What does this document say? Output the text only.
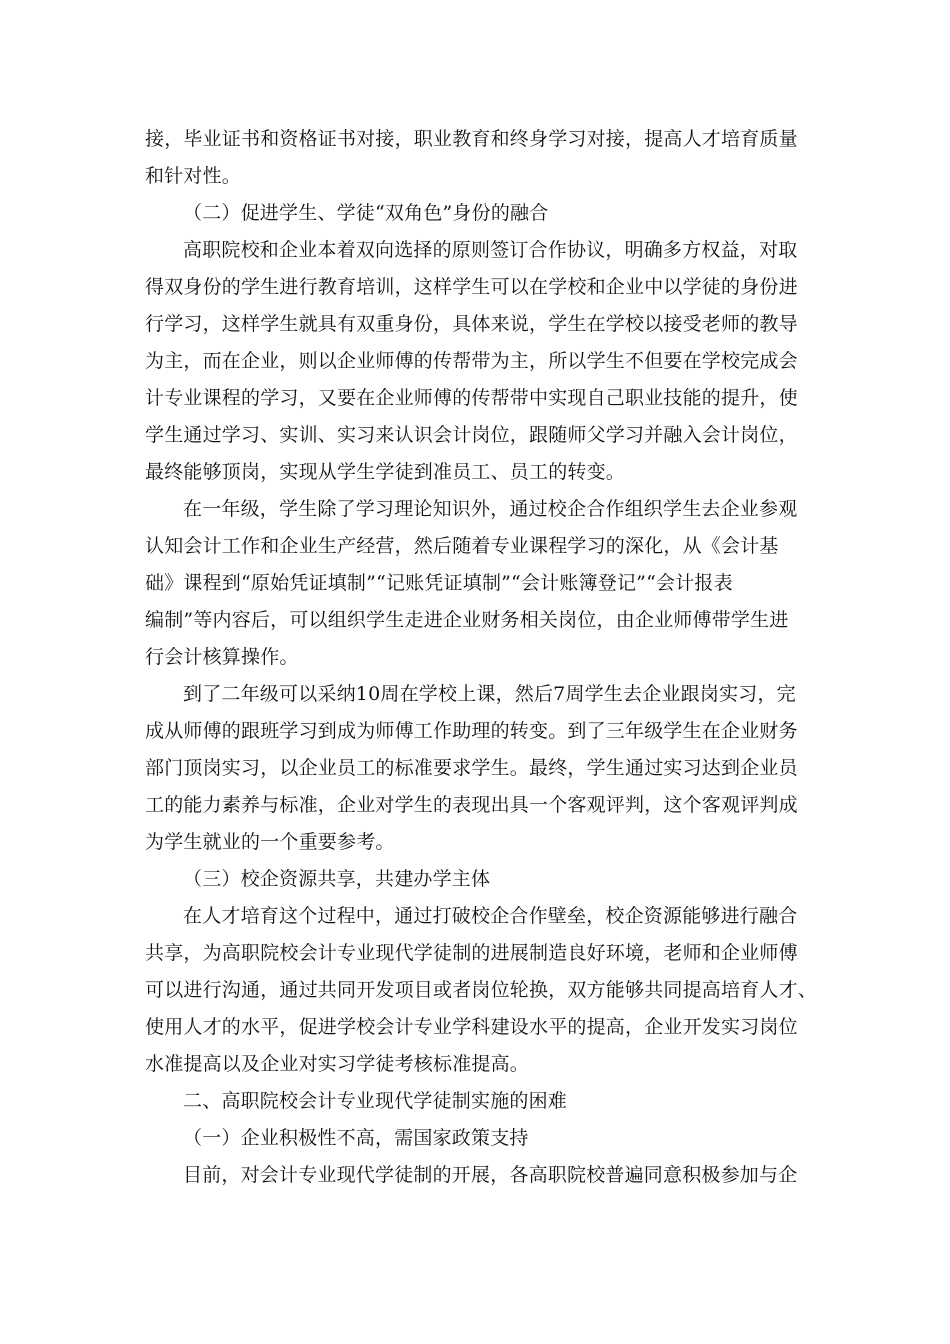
接，毕业证书和资格证书对接，职业教育和终身学习对接，提高人才培育质量
和针对性。
（二）促进学生、学徒“双角色”身份的融合
高职院校和企业本着双向选择的原则签订合作协议，明确多方权益，对取
得双身份的学生进行教育培训，这样学生可以在学校和企业中以学徒的身份进
行学习，这样学生就具有双重身份，具体来说，学生在学校以接受老师的教导
为主，而在企业，则以企业师傅的传帮带为主，所以学生不但要在学校完成会
计专业课程的学习，又要在企业师傅的传帮带中实现自己职业技能的提升，使
学生通过学习、实训、实习来认识会计岗位，跟随师父学习并融入会计岗位，
最终能够顶岗，实现从学生学徒到准员工、员工的转变。
在一年级，学生除了学习理论知识外，通过校企合作组织学生去企业参观
认知会计工作和企业生产经营，然后随着专业课程学习的深化，从《会计基
础》课程到“原始凭证填制”“记账凭证填制”“会计账簿登记”“会计报表
编制”等内容后，可以组织学生走进企业财务相关岗位，由企业师傅带学生进
行会计核算操作。
到了二年级可以采纳10周在学校上课，然后7周学生去企业跟岗实习，完
成从师傅的跟班学习到成为师傅工作助理的转变。到了三年级学生在企业财务
部门顶岗实习，以企业员工的标准要求学生。最终，学生通过实习达到企业员
工的能力素养与标准，企业对学生的表现出具一个客观评判，这个客观评判成
为学生就业的一个重要参考。
（三）校企资源共享，共建办学主体
在人才培育这个过程中，通过打破校企合作壁垒，校企资源能够进行融合
共享，为高职院校会计专业现代学徒制的进展制造良好环境，老师和企业师傅
可以进行沟通，通过共同开发项目或者岗位轮换，双方能够共同提高培育人才、
使用人才的水平，促进学校会计专业学科建设水平的提高，企业开发实习岗位
水准提高以及企业对实习学徒考核标准提高。
二、高职院校会计专业现代学徒制实施的困难
（一）企业积极性不高，需国家政策支持
目前，对会计专业现代学徒制的开展，各高职院校普遍同意积极参加与企
